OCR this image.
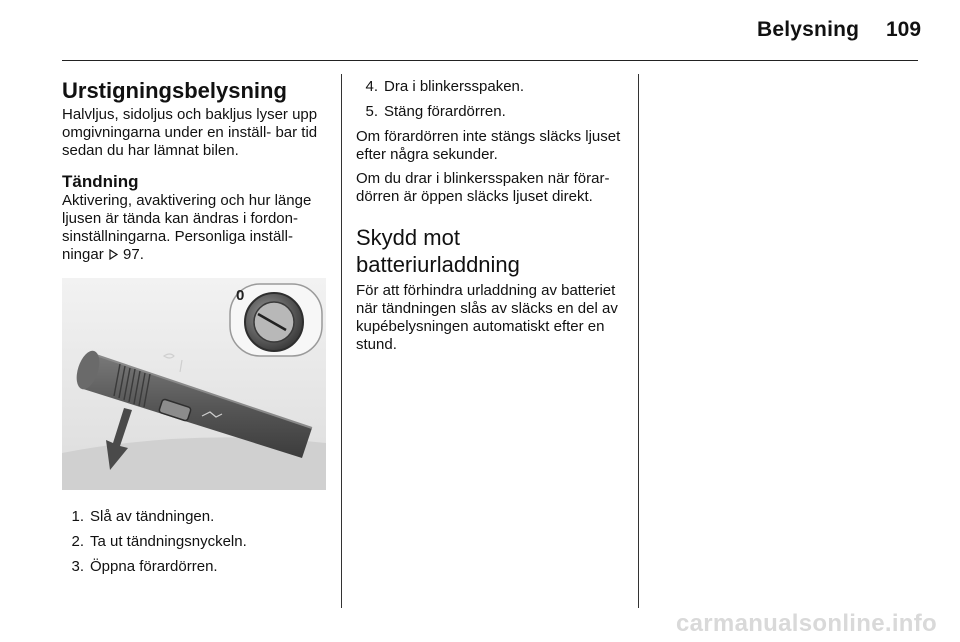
Belysning 109
Urstigningsbelysning

Halvljus, sidoljus och bakljus lyser upp omgivningarna under en inställ- bar tid sedan du har lämnat bilen.

Tändning

Aktivering, avaktivering och hur länge ljusen är tända kan ändras i fordon- sinställningarna. Personliga inställ- ningar 97.

0
1. Slå av tändningen.
2. Ta ut tändningsnyckeln.
3. Öppna förardörren.
4. Dra i blinkersspaken.
5. Stäng förardörren.

Om förardörren inte stängs släcks ljuset efter några sekunder.

Om du drar i blinkersspaken när förar- dörren är öppen släcks ljuset direkt.

Skydd mot batteriurladdning

För att förhindra urladdning av batteriet när tändningen slås av släcks en del av kupébelysningen automatiskt efter en stund.

carmanualsonline.info
